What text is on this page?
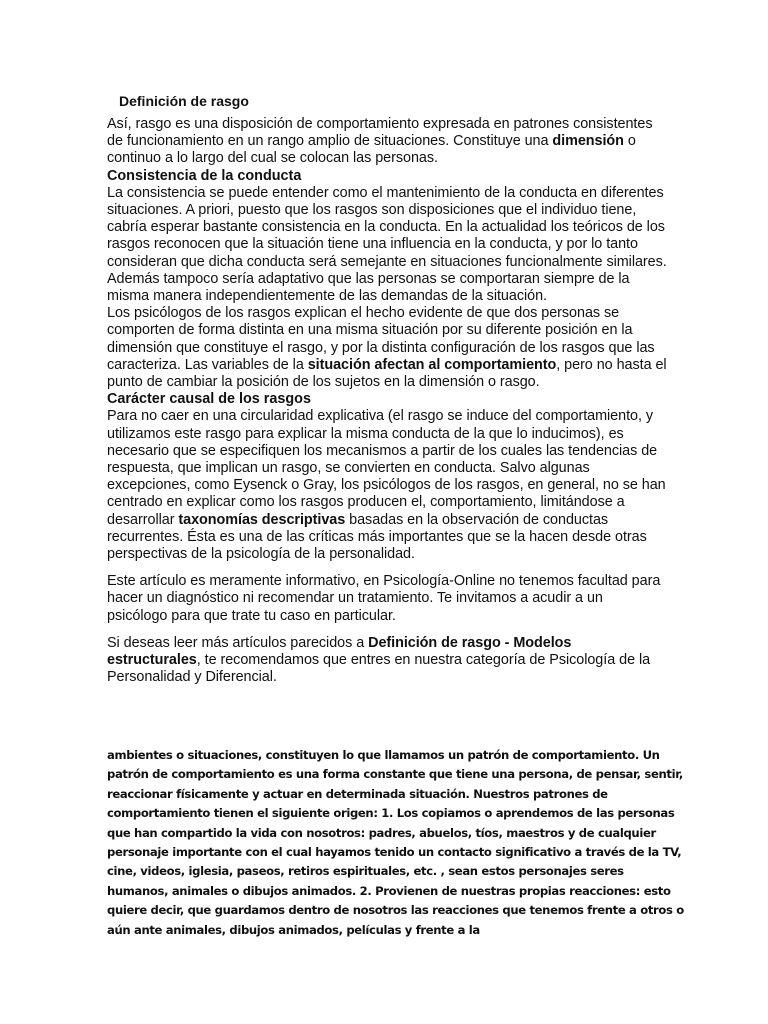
Definición de rasgo

Así, rasgo es una disposición de comportamiento expresada en patrones consistentes de funcionamiento en un rango amplio de situaciones. Constituye una dimensión o continuo a lo largo del cual se colocan las personas.

Consistencia de la conducta

La consistencia se puede entender como el mantenimiento de la conducta en diferentes situaciones. A priori, puesto que los rasgos son disposiciones que el individuo tiene, cabría esperar bastante consistencia en la conducta. En la actualidad los teóricos de los rasgos reconocen que la situación tiene una influencia en la conducta, y por lo tanto consideran que dicha conducta será semejante en situaciones funcionalmente similares. Además tampoco sería adaptativo que las personas se comportaran siempre de la misma manera independientemente de las demandas de la situación.

Los psicólogos de los rasgos explican el hecho evidente de que dos personas se comporten de forma distinta en una misma situación por su diferente posición en la dimensión que constituye el rasgo, y por la distinta configuración de los rasgos que las caracteriza. Las variables de la situación afectan al comportamiento, pero no hasta el punto de cambiar la posición de los sujetos en la dimensión o rasgo.

Carácter causal de los rasgos

Para no caer en una circularidad explicativa (el rasgo se induce del comportamiento, y utilizamos este rasgo para explicar la misma conducta de la que lo inducimos), es necesario que se especifiquen los mecanismos a partir de los cuales las tendencias de respuesta, que implican un rasgo, se convierten en conducta. Salvo algunas excepciones, como Eysenck o Gray, los psicólogos de los rasgos, en general, no se han centrado en explicar como los rasgos producen el, comportamiento, limitándose a desarrollar taxonomías descriptivas basadas en la observación de conductas recurrentes. Ésta es una de las críticas más importantes que se la hacen desde otras perspectivas de la psicología de la personalidad.

Este artículo es meramente informativo, en Psicología-Online no tenemos facultad para hacer un diagnóstico ni recomendar un tratamiento. Te invitamos a acudir a un psicólogo para que trate tu caso en particular.

Si deseas leer más artículos parecidos a Definición de rasgo - Modelos estructurales, te recomendamos que entres en nuestra categoría de Psicología de la Personalidad y Diferencial.

ambientes o situaciones, constituyen lo que llamamos un patrón de comportamiento. Un patrón de comportamiento es una forma constante que tiene una persona, de pensar, sentir, reaccionar físicamente y actuar en determinada situación. Nuestros patrones de comportamiento tienen el siguiente origen: 1. Los copiamos o aprendemos de las personas que han compartido la vida con nosotros: padres, abuelos, tíos, maestros y de cualquier personaje importante con el cual hayamos tenido un contacto significativo a través de la TV, cine, videos, iglesia, paseos, retiros espirituales, etc. , sean estos personajes seres humanos, animales o dibujos animados. 2. Provienen de nuestras propias reacciones: esto quiere decir, que guardamos dentro de nosotros las reacciones que tenemos frente a otros o aún ante animales, dibujos animados, películas y frente a la
